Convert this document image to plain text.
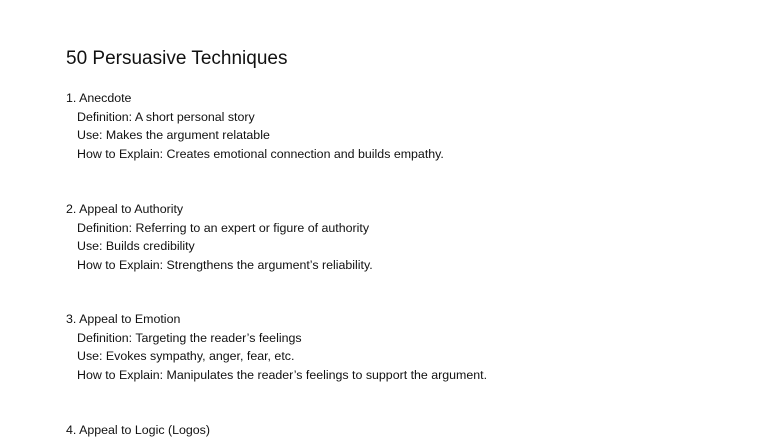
50 Persuasive Techniques
1. Anecdote
Definition: A short personal story
Use: Makes the argument relatable
How to Explain: Creates emotional connection and builds empathy.
2. Appeal to Authority
Definition: Referring to an expert or figure of authority
Use: Builds credibility
How to Explain: Strengthens the argument’s reliability.
3. Appeal to Emotion
Definition: Targeting the reader’s feelings
Use: Evokes sympathy, anger, fear, etc.
How to Explain: Manipulates the reader’s feelings to support the argument.
4. Appeal to Logic (Logos)
